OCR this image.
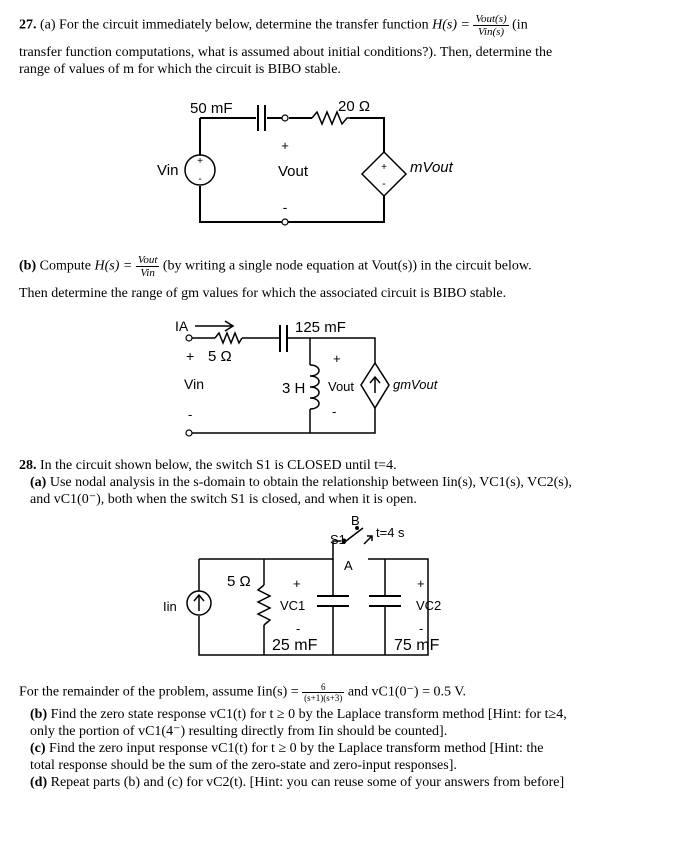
27. (a) For the circuit immediately below, determine the transfer function $H(s) = \frac{\text{Vout(s)}}{\text{Vin(s)}} (in$
transfer function computations, what is assumed about initial conditions?). Then, determine the
range of values of m for which the circuit is BIBO stable.
+
-
+
-
50 mF	20 Ω
Vin	Vout
+
-
mVout
(b) Compute $H(s) = \frac{\text{Vout}}{\text{Vin}} (by$ writing a single node equation at Vout(s)) in the circuit below.
Then determine the range of gm values for which the associated circuit is BIBO stable.
IA	125 mF
+ 5 Ω
Vin
-
3 H
+
Vout
-
gmVout
28. In the circuit shown below, the switch S1 is CLOSED until t=4.
(a) Use nodal analysis in the s-domain to obtain the relationship between Iin(s), VC1(s), VC2(s),
and vC1(0⁻), both when the switch S1 is closed, and when it is open.
5 Ω
Iin
+
VC1
-
25 mF
+
VC2
-
75 mF
S1
A
B
t=4 s
For the remainder of the problem, assume $Iin(s) = \frac{6}{(s+1)(s+3)}$ and vC1(0⁻) = 0.5 V.
(b) Find the zero state response vC1(t) for t ≥ 0 by the Laplace transform method [Hint: for t≥4,
only the portion of vC1(4⁻) resulting directly from Iin should be counted].
(c) Find the zero input response vC1(t) for t ≥ 0 by the Laplace transform method [Hint: the
total response should be the sum of the zero-state and zero-input responses].
(d) Repeat parts (b) and (c) for vC2(t). [Hint: you can reuse some of your answers from before]
